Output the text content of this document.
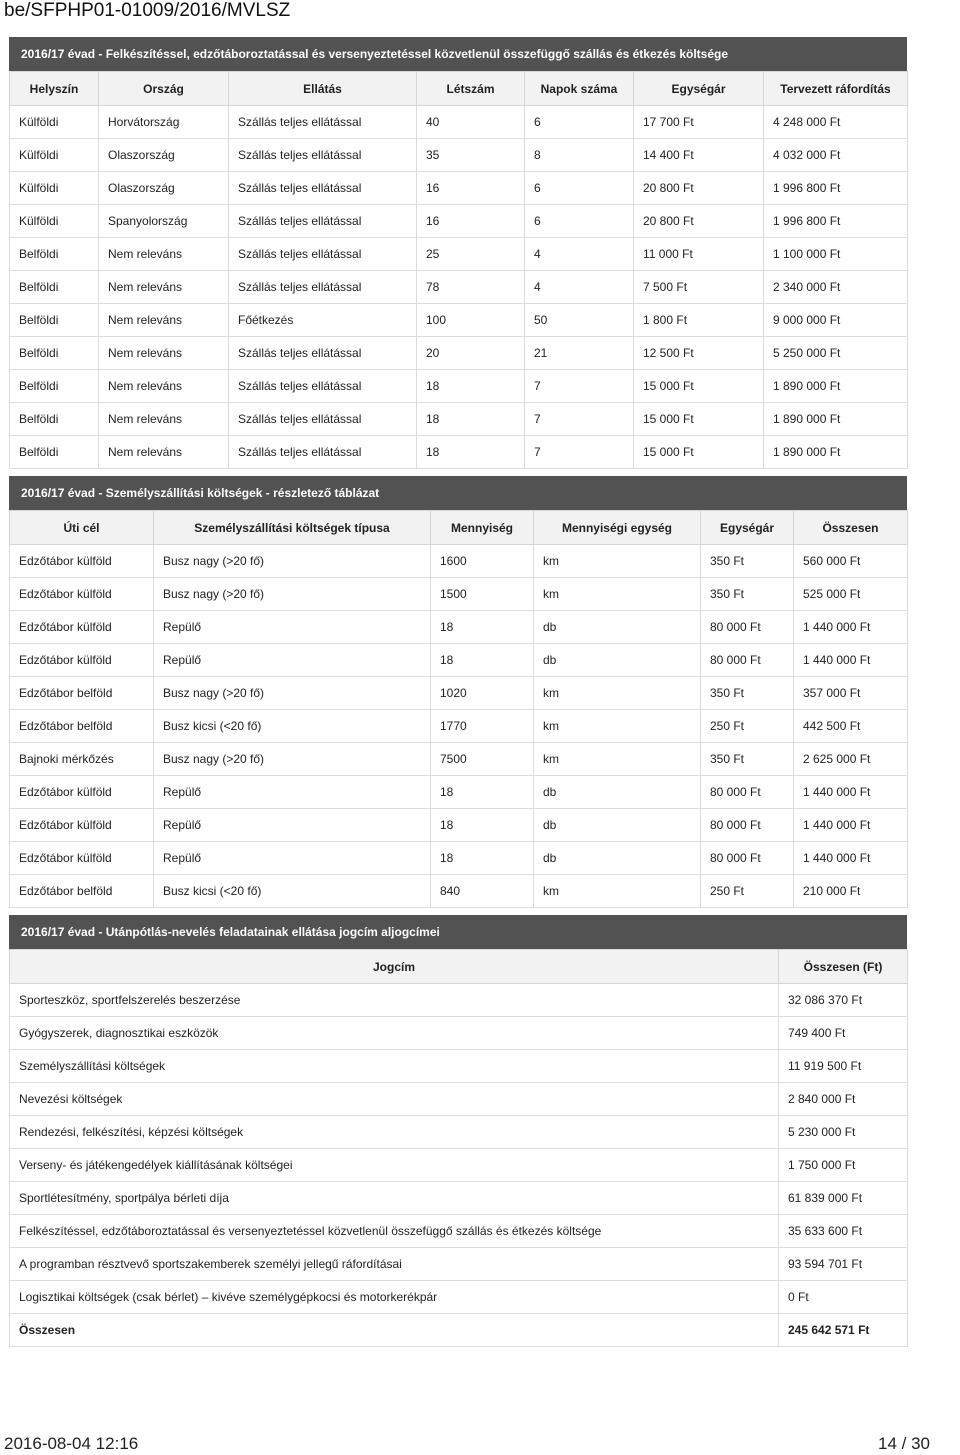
be/SFPHP01-01009/2016/MVLSZ
2016/17 évad - Felkészítéssel, edzőtáboroztatással és versenyeztetéssel közvetlenül összefüggő szállás és étkezés költsége
Helyszín	Ország	Ellátás	Létszám	Napok száma	Egységár	Tervezett ráfordítás
Külföldi	Horvátország	Szállás teljes ellátással	40	6	17 700 Ft	4 248 000 Ft
Külföldi	Olaszország	Szállás teljes ellátással	35	8	14 400 Ft	4 032 000 Ft
Külföldi	Olaszország	Szállás teljes ellátással	16	6	20 800 Ft	1 996 800 Ft
Külföldi	Spanyolország	Szállás teljes ellátással	16	6	20 800 Ft	1 996 800 Ft
Belföldi	Nem releváns	Szállás teljes ellátással	25	4	11 000 Ft	1 100 000 Ft
Belföldi	Nem releváns	Szállás teljes ellátással	78	4	7 500 Ft	2 340 000 Ft
Belföldi	Nem releváns	Főétkezés	100	50	1 800 Ft	9 000 000 Ft
Belföldi	Nem releváns	Szállás teljes ellátással	20	21	12 500 Ft	5 250 000 Ft
Belföldi	Nem releváns	Szállás teljes ellátással	18	7	15 000 Ft	1 890 000 Ft
Belföldi	Nem releváns	Szállás teljes ellátással	18	7	15 000 Ft	1 890 000 Ft
Belföldi	Nem releváns	Szállás teljes ellátással	18	7	15 000 Ft	1 890 000 Ft
2016/17 évad - Személyszállítási költségek - részletező táblázat
Úti cél	Személyszállítási költségek típusa	Mennyiség	Mennyiségi egység	Egységár	Összesen
Edzőtábor külföld	Busz nagy (>20 fő)	1600	km	350 Ft	560 000 Ft
Edzőtábor külföld	Busz nagy (>20 fő)	1500	km	350 Ft	525 000 Ft
Edzőtábor külföld	Repülő	18	db	80 000 Ft	1 440 000 Ft
Edzőtábor külföld	Repülő	18	db	80 000 Ft	1 440 000 Ft
Edzőtábor belföld	Busz nagy (>20 fő)	1020	km	350 Ft	357 000 Ft
Edzőtábor belföld	Busz kicsi (<20 fő)	1770	km	250 Ft	442 500 Ft
Bajnoki mérkőzés	Busz nagy (>20 fő)	7500	km	350 Ft	2 625 000 Ft
Edzőtábor külföld	Repülő	18	db	80 000 Ft	1 440 000 Ft
Edzőtábor külföld	Repülő	18	db	80 000 Ft	1 440 000 Ft
Edzőtábor külföld	Repülő	18	db	80 000 Ft	1 440 000 Ft
Edzőtábor belföld	Busz kicsi (<20 fő)	840	km	250 Ft	210 000 Ft
2016/17 évad - Utánpótlás-nevelés feladatainak ellátása jogcím aljogcímei
Jogcím	Összesen (Ft)
Sporteszköz, sportfelszerelés beszerzése	32 086 370 Ft
Gyógyszerek, diagnosztikai eszközök	749 400 Ft
Személyszállítási költségek	11 919 500 Ft
Nevezési költségek	2 840 000 Ft
Rendezési, felkészítési, képzési költségek	5 230 000 Ft
Verseny- és játékengedélyek kiállításának költségei	1 750 000 Ft
Sportlétesítmény, sportpálya bérleti díja	61 839 000 Ft
Felkészítéssel, edzőtáboroztatással és versenyeztetéssel közvetlenül összefüggő szállás és étkezés költsége	35 633 600 Ft
A programban résztvevő sportszakemberek személyi jellegű ráfordításai	93 594 701 Ft
Logisztikai költségek (csak bérlet) – kivéve személygépkocsi és motorkerékpár	0 Ft
Összesen	245 642 571 Ft
2016-08-04 12:16	14 / 30
